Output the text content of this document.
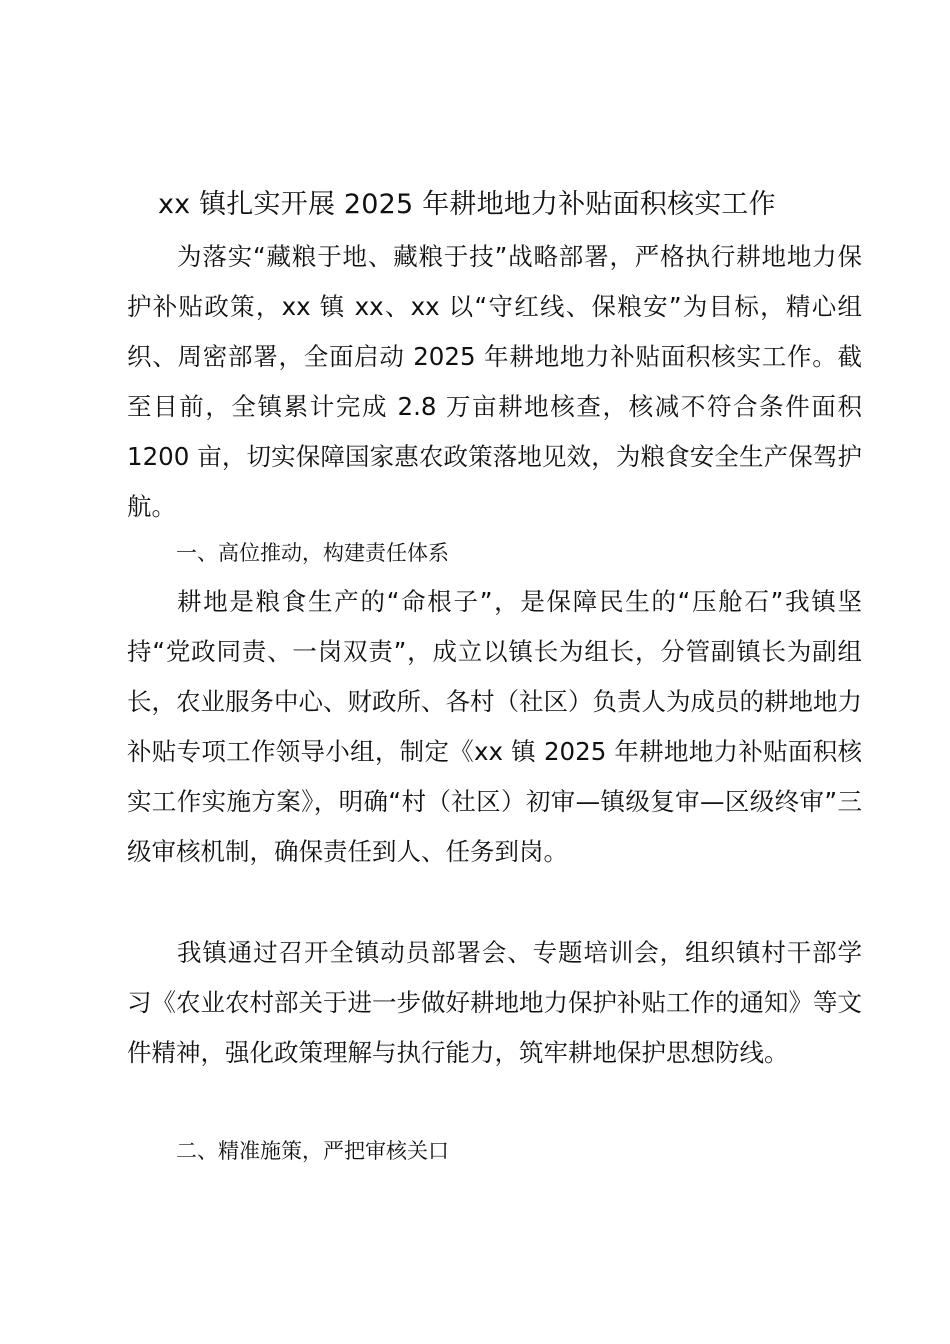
xx 镇扎实开展 2025 年耕地地力补贴面积核实工作

为落实“藏粮于地、藏粮于技”战略部署，严格执行耕地地力保护补贴政策，xx 镇 xx、xx 以“守红线、保粮安”为目标，精心组织、周密部署，全面启动 2025 年耕地地力补贴面积核实工作。截至目前，全镇累计完成 2.8 万亩耕地核查，核减不符合条件面积 1200 亩，切实保障国家惠农政策落地见效，为粮食安全生产保驾护航。

一、高位推动，构建责任体系

耕地是粮食生产的“命根子”，是保障民生的“压舱石”我镇坚持“党政同责、一岗双责”，成立以镇长为组长，分管副镇长为副组长，农业服务中心、财政所、各村（社区）负责人为成员的耕地地力补贴专项工作领导小组，制定《xx 镇 2025 年耕地地力补贴面积核实工作实施方案》，明确“村（社区）初审—镇级复审—区级终审”三级审核机制，确保责任到人、任务到岗。

我镇通过召开全镇动员部署会、专题培训会，组织镇村干部学习《农业农村部关于进一步做好耕地地力保护补贴工作的通知》等文件精神，强化政策理解与执行能力，筑牢耕地保护思想防线。

二、精准施策，严把审核关口
